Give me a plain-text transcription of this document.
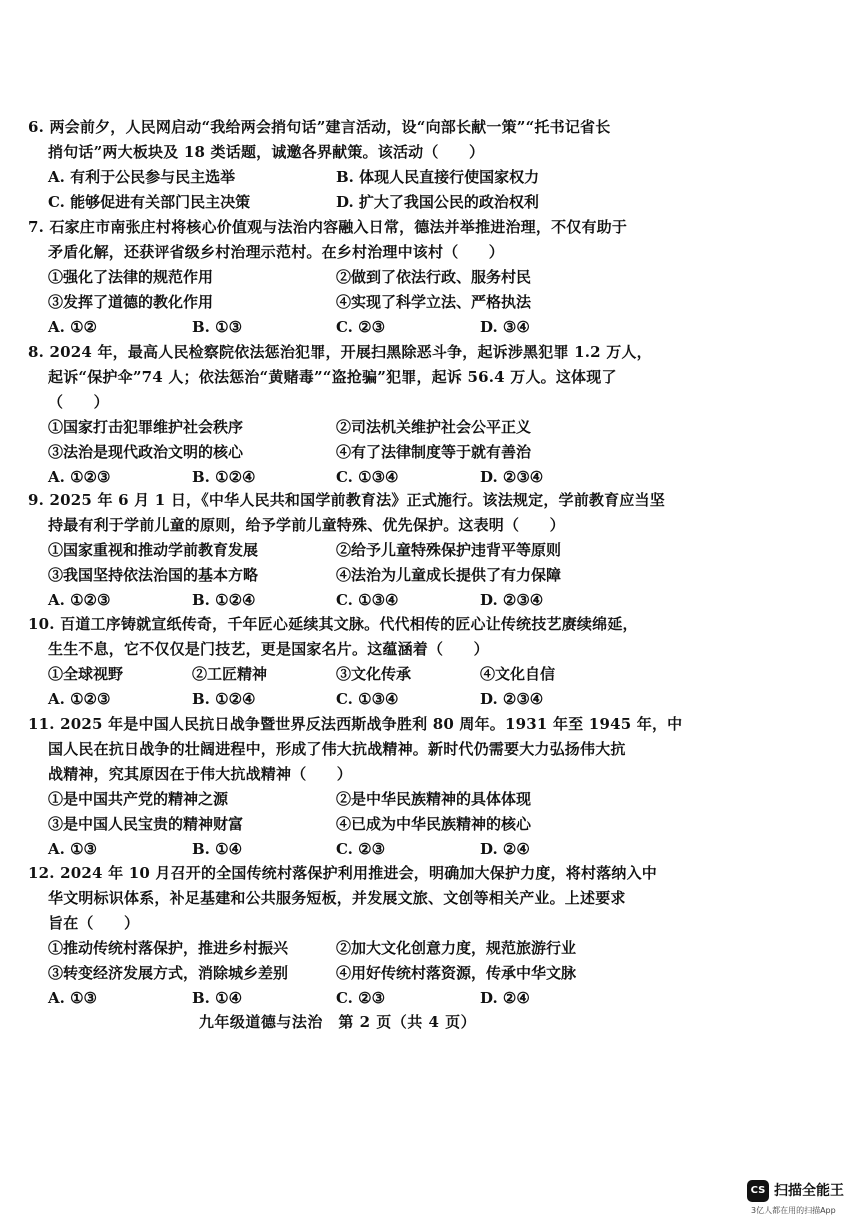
6. 两会前夕，人民网启动“我给两会捎句话”建言活动，设“向部长献一策”“托书记省长
捎句话”两大板块及 18 类话题，诚邀各界献策。该活动（　　）
A. 有利于公民参与民主选举	B. 体现人民直接行使国家权力
C. 能够促进有关部门民主决策	D. 扩大了我国公民的政治权利
7. 石家庄市南张庄村将核心价值观与法治内容融入日常，德法并举推进治理，不仅有助于
矛盾化解，还获评省级乡村治理示范村。在乡村治理中该村（　　）
①强化了法律的规范作用	②做到了依法行政、服务村民
③发挥了道德的教化作用	④实现了科学立法、严格执法
A. ①②	B. ①③	C. ②③	D. ③④
8. 2024 年，最高人民检察院依法惩治犯罪，开展扫黑除恶斗争，起诉涉黑犯罪 1.2 万人，
起诉“保护伞”74 人；依法惩治“黄赌毒”“盗抢骗”犯罪，起诉 56.4 万人。这体现了
（　　）
①国家打击犯罪维护社会秩序	②司法机关维护社会公平正义
③法治是现代政治文明的核心	④有了法律制度等于就有善治
A. ①②③	B. ①②④	C. ①③④	D. ②③④
9. 2025 年 6 月 1 日，《中华人民共和国学前教育法》正式施行。该法规定，学前教育应当坚
持最有利于学前儿童的原则，给予学前儿童特殊、优先保护。这表明（　　）
①国家重视和推动学前教育发展	②给予儿童特殊保护违背平等原则
③我国坚持依法治国的基本方略	④法治为儿童成长提供了有力保障
A. ①②③	B. ①②④	C. ①③④	D. ②③④
10. 百道工序铸就宣纸传奇，千年匠心延续其文脉。代代相传的匠心让传统技艺赓续绵延，
生生不息，它不仅仅是门技艺，更是国家名片。这蕴涵着（　　）
①全球视野	②工匠精神	③文化传承	④文化自信
A. ①②③	B. ①②④	C. ①③④	D. ②③④
11. 2025 年是中国人民抗日战争暨世界反法西斯战争胜利 80 周年。1931 年至 1945 年，中
国人民在抗日战争的壮阔进程中，形成了伟大抗战精神。新时代仍需要大力弘扬伟大抗
战精神，究其原因在于伟大抗战精神（　　）
①是中国共产党的精神之源	②是中华民族精神的具体体现
③是中国人民宝贵的精神财富	④已成为中华民族精神的核心
A. ①③	B. ①④	C. ②③	D. ②④
12. 2024 年 10 月召开的全国传统村落保护利用推进会，明确加大保护力度，将村落纳入中
华文明标识体系，补足基建和公共服务短板，并发展文旅、文创等相关产业。上述要求
旨在（　　）
①推动传统村落保护，推进乡村振兴	②加大文化创意力度，规范旅游行业
③转变经济发展方式，消除城乡差别	④用好传统村落资源，传承中华文脉
A. ①③	B. ①④	C. ②③	D. ②④
九年级道德与法治　第 2 页（共 4 页）
CS 扫描全能王
3亿人都在用的扫描App
